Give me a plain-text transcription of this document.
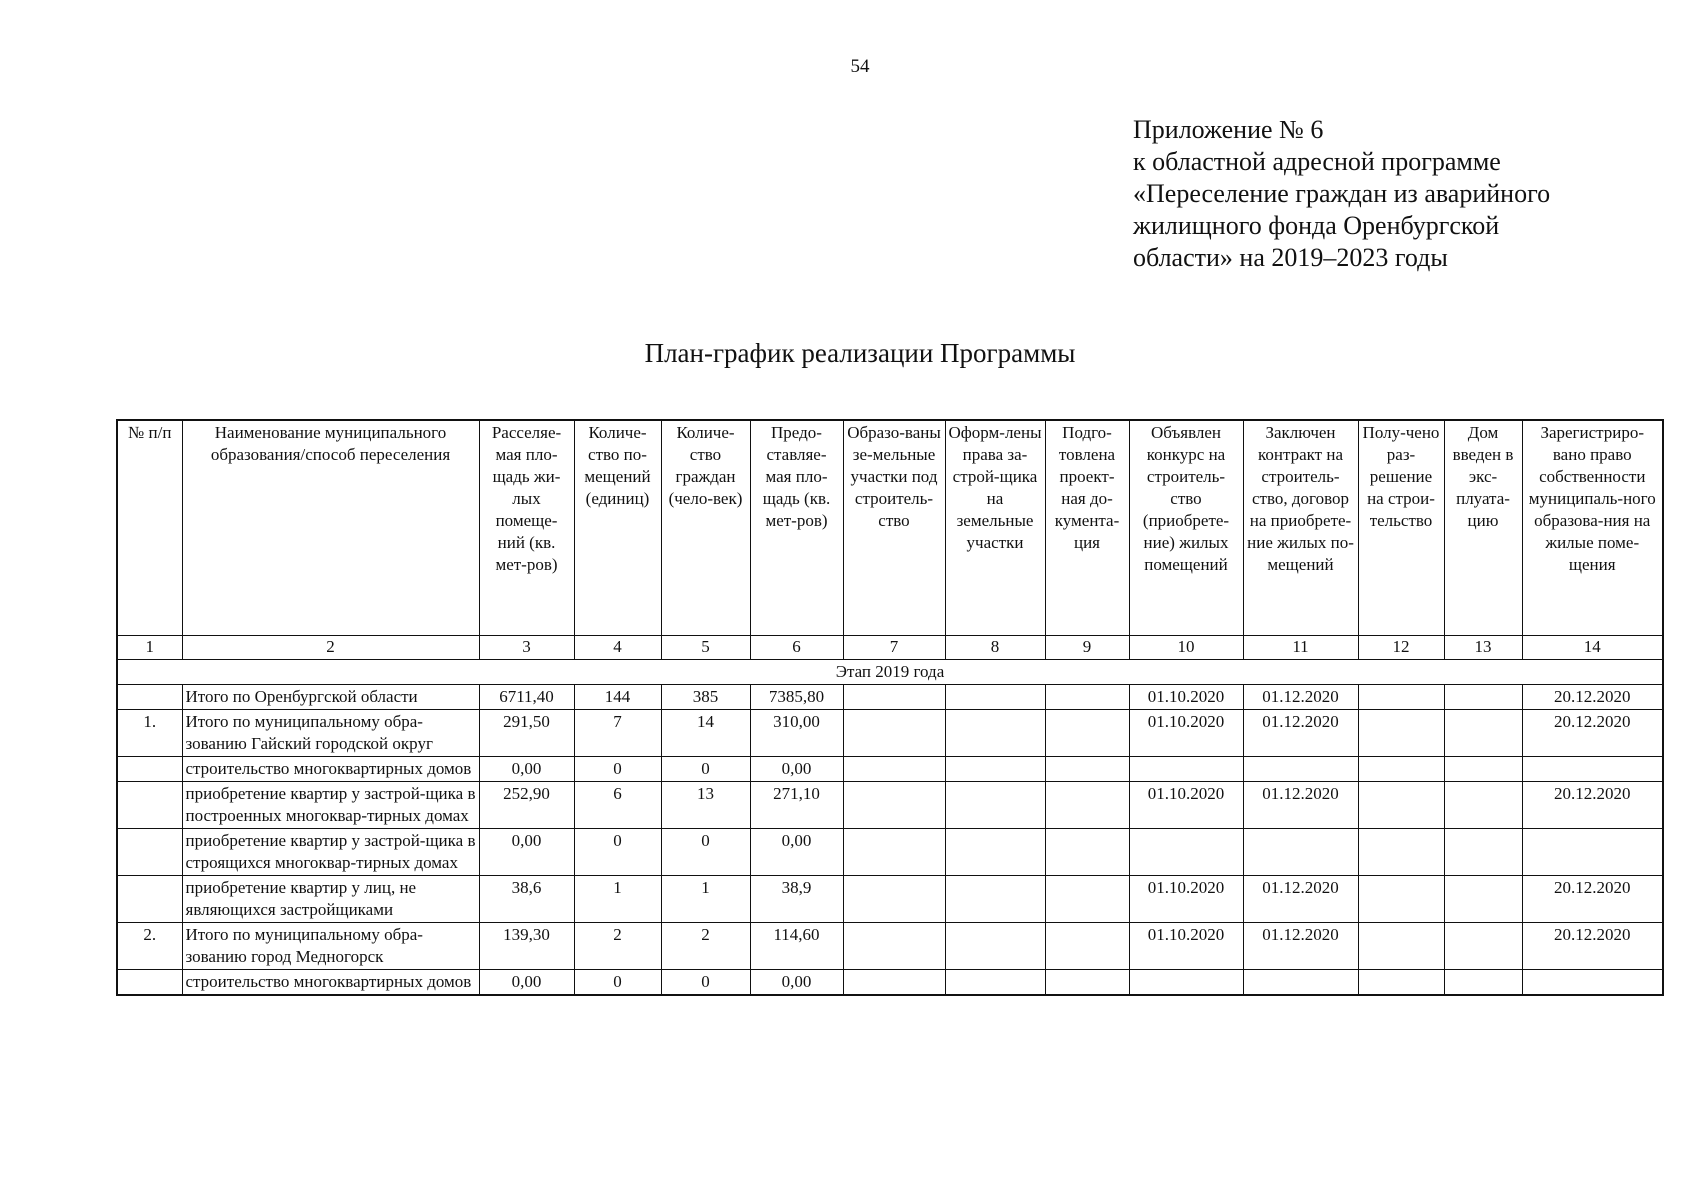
54
Приложение № 6
к областной адресной программе
«Переселение граждан из аварийного
жилищного фонда Оренбургской
области» на 2019–2023 годы
План-график реализации Программы
№ п/п	Наименование муниципального образования/способ переселения	Расселяе-мая пло-щадь жи-лых помеще-ний (кв. мет-ров)	Количе-ство по-мещений (единиц)	Количе-ство граждан (чело-век)	Предо-ставляе-мая пло-щадь (кв. мет-ров)	Образо-ваны зе-мельные участки под строитель-ство	Оформ-лены права за-строй-щика на земельные участки	Подго-товлена проект-ная до-кумента-ция	Объявлен конкурс на строитель-ство (приобрете-ние) жилых помещений	Заключен контракт на строитель-ство, договор на приобрете-ние жилых по-мещений	Полу-чено раз-решение на строи-тельство	Дом введен в экс-плуата-цию	Зарегистриро-вано право собственности муниципаль-ного образова-ния на жилые поме-щения
1	2	3	4	5	6	7	8	9	10	11	12	13	14
Этап 2019 года													
	Итого по Оренбургской области	6711,40	144	385	7385,80				01.10.2020	01.12.2020			20.12.2020
1.	Итого по муниципальному обра-зованию Гайский городской округ	291,50	7	14	310,00				01.10.2020	01.12.2020			20.12.2020
	строительство многоквартирных домов	0,00	0	0	0,00								
	приобретение квартир у застрой-щика в построенных многоквар-тирных домах	252,90	6	13	271,10				01.10.2020	01.12.2020			20.12.2020
	приобретение квартир у застрой-щика в строящихся многоквар-тирных домах	0,00	0	0	0,00								
	приобретение квартир у лиц, не являющихся застройщиками	38,6	1	1	38,9				01.10.2020	01.12.2020			20.12.2020
2.	Итого по муниципальному обра-зованию город Медногорск	139,30	2	2	114,60				01.10.2020	01.12.2020			20.12.2020
	строительство многоквартирных домов	0,00	0	0	0,00								
